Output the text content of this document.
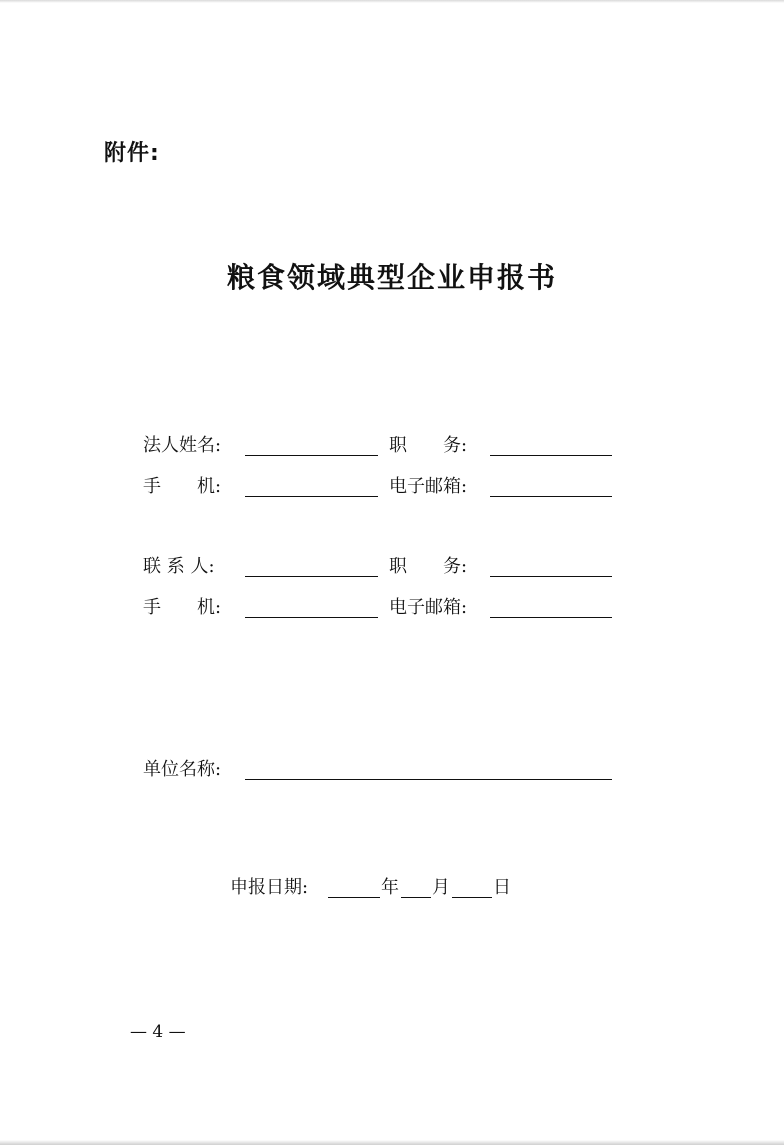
附件:
粮食领域典型企业申报书
法人姓名:	职　　务:
手　　机:	电子邮箱:
联 系 人:	职　　务:
手　　机:	电子邮箱:
单位名称:
申报日期:	年 月 日
— 4 —
